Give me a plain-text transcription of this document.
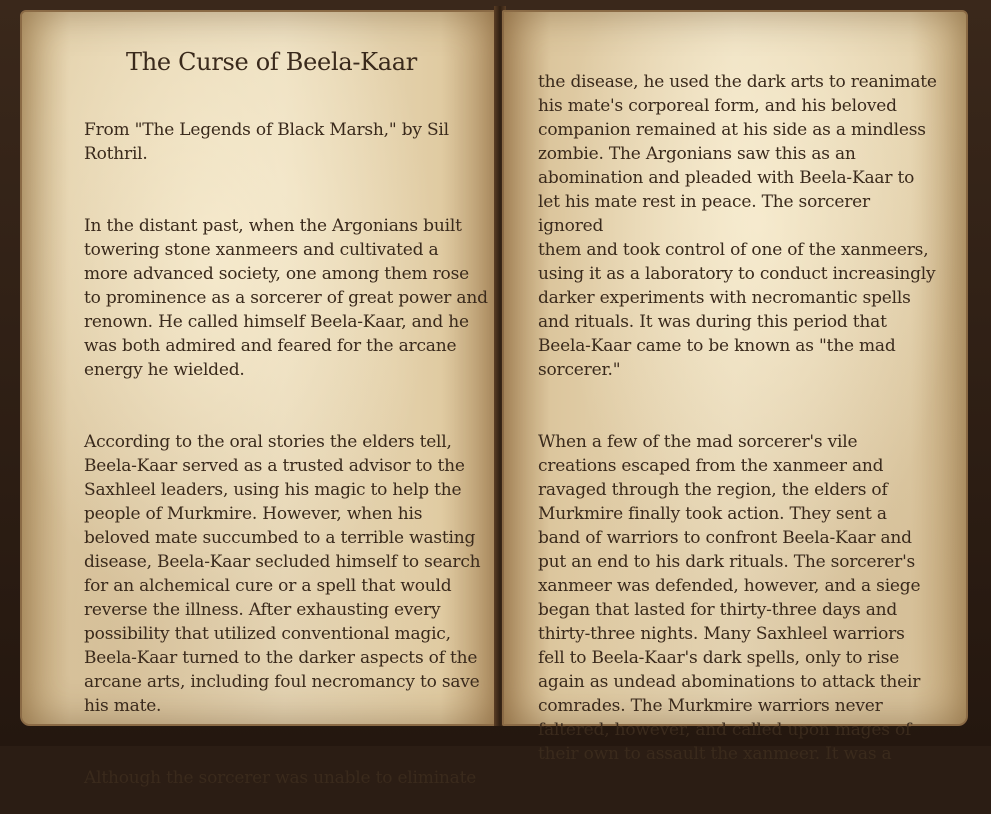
The Curse of Beela-Kaar

From "The Legends of Black Marsh," by Sil
Rothril.

In the distant past, when the Argonians built
towering stone xanmeers and cultivated a
more advanced society, one among them rose
to prominence as a sorcerer of great power and
renown. He called himself Beela-Kaar, and he
was both admired and feared for the arcane
energy he wielded.

According to the oral stories the elders tell,
Beela-Kaar served as a trusted advisor to the
Saxhleel leaders, using his magic to help the
people of Murkmire. However, when his
beloved mate succumbed to a terrible wasting
disease, Beela-Kaar secluded himself to search
for an alchemical cure or a spell that would
reverse the illness. After exhausting every
possibility that utilized conventional magic,
Beela-Kaar turned to the darker aspects of the
arcane arts, including foul necromancy to save
his mate.

Although the sorcerer was unable to eliminate

the disease, he used the dark arts to reanimate
his mate's corporeal form, and his beloved
companion remained at his side as a mindless
zombie. The Argonians saw this as an
abomination and pleaded with Beela-Kaar to
let his mate rest in peace. The sorcerer ignored
them and took control of one of the xanmeers,
using it as a laboratory to conduct increasingly
darker experiments with necromantic spells
and rituals. It was during this period that
Beela-Kaar came to be known as "the mad
sorcerer."

When a few of the mad sorcerer's vile
creations escaped from the xanmeer and
ravaged through the region, the elders of
Murkmire finally took action. They sent a
band of warriors to confront Beela-Kaar and
put an end to his dark rituals. The sorcerer's
xanmeer was defended, however, and a siege
began that lasted for thirty-three days and
thirty-three nights. Many Saxhleel warriors
fell to Beela-Kaar's dark spells, only to rise
again as undead abominations to attack their
comrades. The Murkmire warriors never
faltered, however, and called upon mages of
their own to assault the xanmeer. It was a
